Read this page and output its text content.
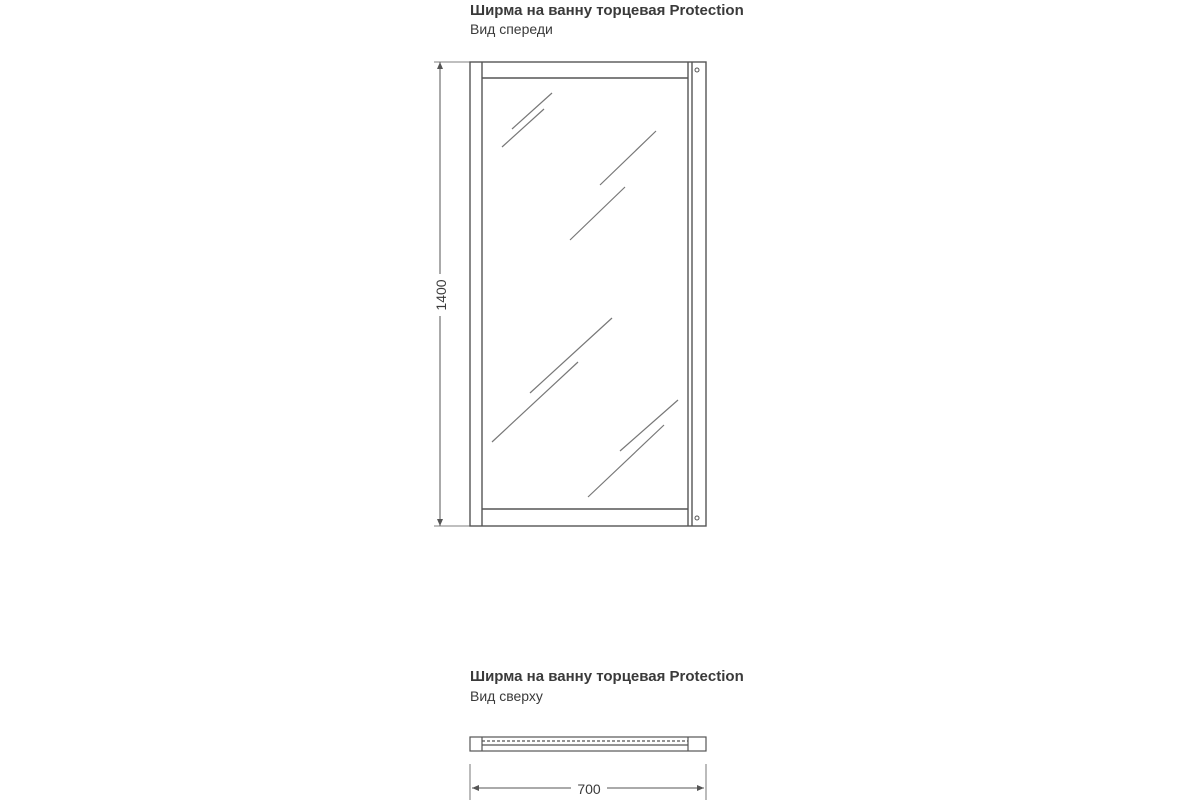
Ширма на ванну торцевая Protection
Вид спереди
Ширма на ванну торцевая Protection
Вид сверху
1400
700
